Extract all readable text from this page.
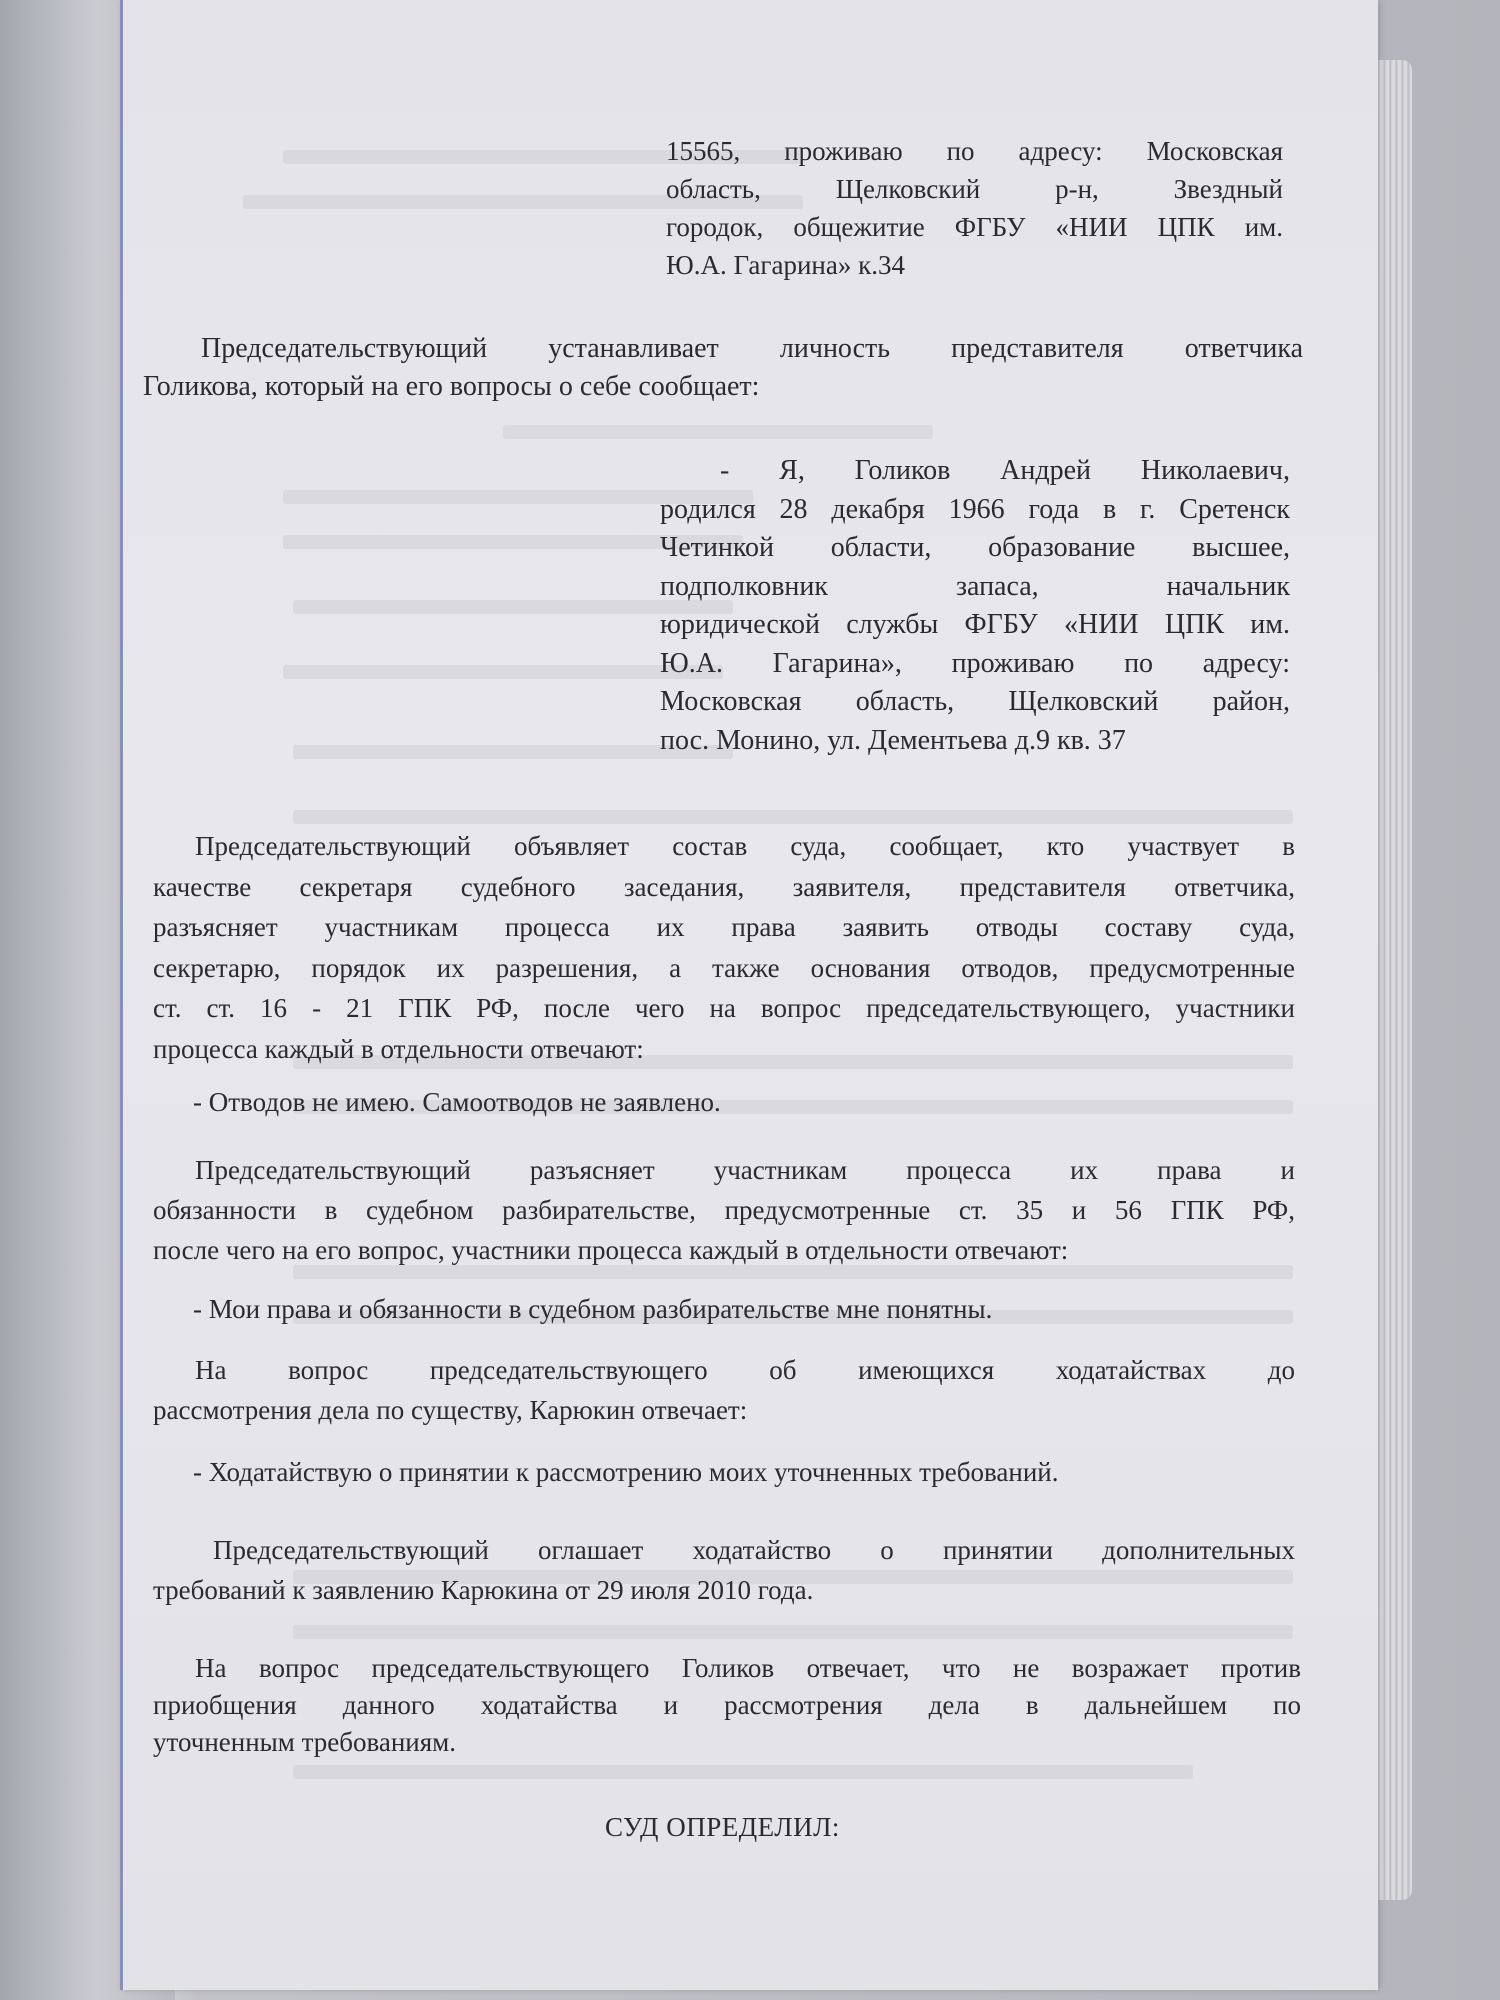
15565, проживаю по адресу: Московская
область, Щелковский р-н, Звездный
городок, общежитие ФГБУ «НИИ ЦПК им.
Ю.А. Гагарина» к.34
Председательствующий устанавливает личность представителя ответчика
Голикова, который на его вопросы о себе сообщает:
- Я, Голиков Андрей Николаевич,
родился 28 декабря 1966 года в г. Сретенск
Четинкой области, образование высшее,
подполковник запаса, начальник
юридической службы ФГБУ «НИИ ЦПК им.
Ю.А. Гагарина», проживаю по адресу:
Московская область, Щелковский район,
пос. Монино, ул. Дементьева д.9 кв. 37
Председательствующий объявляет состав суда, сообщает, кто участвует в
качестве секретаря судебного заседания, заявителя, представителя ответчика,
разъясняет участникам процесса их права заявить отводы составу суда,
секретарю, порядок их разрешения, а также основания отводов, предусмотренные
ст. ст. 16 - 21 ГПК РФ, после чего на вопрос председательствующего, участники
процесса каждый в отдельности отвечают:
- Отводов не имею. Самоотводов не заявлено.
Председательствующий разъясняет участникам процесса их права и
обязанности в судебном разбирательстве, предусмотренные ст. 35 и 56 ГПК РФ,
после чего на его вопрос, участники процесса каждый в отдельности отвечают:
- Мои права и обязанности в судебном разбирательстве мне понятны.
На вопрос председательствующего об имеющихся ходатайствах до
рассмотрения дела по существу, Карюкин отвечает:
- Ходатайствую о принятии к рассмотрению моих уточненных требований.
Председательствующий оглашает ходатайство о принятии дополнительных
требований к заявлению Карюкина от 29 июля 2010 года.
На вопрос председательствующего Голиков отвечает, что не возражает против
приобщения данного ходатайства и рассмотрения дела в дальнейшем по
уточненным требованиям.
СУД ОПРЕДЕЛИЛ:
